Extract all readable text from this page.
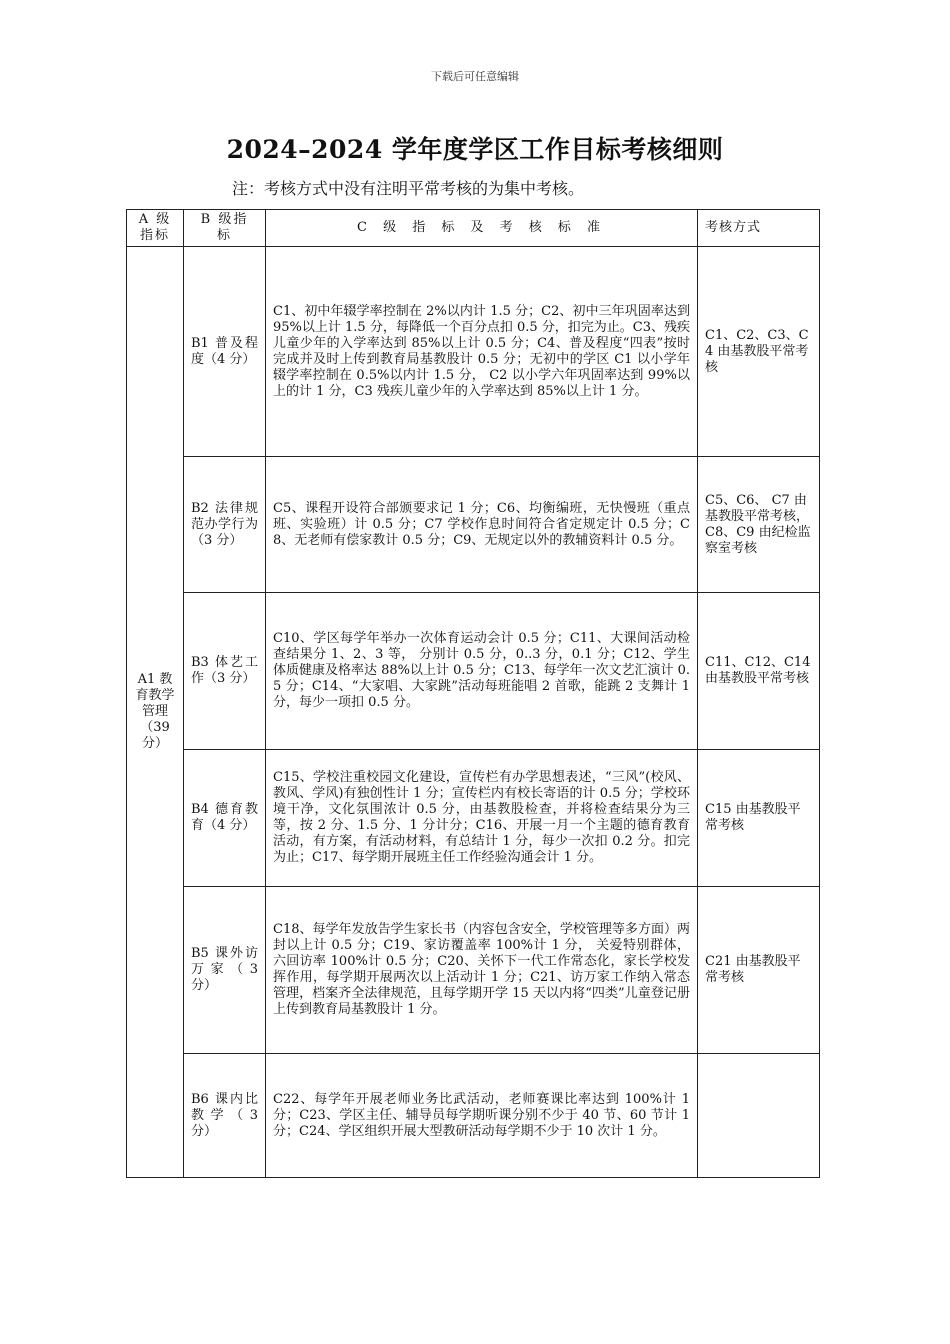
下载后可任意编辑
2024–2024 学年度学区工作目标考核细则
注：考核方式中没有注明平常考核的为集中考核。
A 级指标	B 级指 标	C 级 指 标 及 考 核 标 准	考核方式
A1 教育教学管理（39 分）	B1 普及程度（4 分）	C1、初中年辍学率控制在 2%以内计 1.5 分；C2、初中三年巩固率达到 95%以上计 1.5 分，每降低一个百分点扣 0.5 分，扣完为止。C3、残疾儿童少年的入学率达到 85%以上计 0.5 分；C4、普及程度“四表”按时完成并及时上传到教育局基教股计 0.5 分；无初中的学区 C1 以小学年辍学率控制在 0.5%以内计 1.5 分， C2 以小学六年巩固率达到 99%以上的计 1 分，C3 残疾儿童少年的入学率达到 85%以上计 1 分。	C1、C2、C3、C4 由基教股平常考核
	B2 法律规范办学行为（3 分）	C5、课程开设符合部颁要求记 1 分；C6、均衡编班，无快慢班（重点班、实验班）计 0.5 分；C7 学校作息时间符合省定规定计 0.5 分；C8、无老师有偿家教计 0.5 分；C9、无规定以外的教辅资料计 0.5 分。	C5、C6、 C7 由基教股平常考核，C8、C9 由纪检监察室考核
	B3 体艺工作（3 分）	C10、学区每学年举办一次体育运动会计 0.5 分；C11、大课间活动检查结果分 1、2、3 等， 分别计 0.5 分，0..3 分，0.1 分；C12、学生体质健康及格率达 88%以上计 0.5 分；C13、每学年一次文艺汇演计 0.5 分；C14、“大家唱、大家跳”活动每班能唱 2 首歌，能跳 2 支舞计 1 分，每少一项扣 0.5 分。	C11、C12、C14 由基教股平常考核
	B4 德育教育（4 分）	C15、学校注重校园文化建设，宣传栏有办学思想表述，“三风”(校风、教风、学风)有独创性计 1 分；宣传栏内有校长寄语的计 0.5 分；学校环境干净，文化氛围浓计 0.5 分，由基教股检查，并将检查结果分为三等，按 2 分、1.5 分、1 分计分；C16、开展一月一个主题的德育教育活动，有方案，有活动材料，有总结计 1 分，每少一次扣 0.2 分。扣完为止；C17、每学期开展班主任工作经验沟通会计 1 分。	C15 由基教股平常考核
	B5 课外访万家（3 分）	C18、每学年发放告学生家长书（内容包含安全，学校管理等多方面）两封以上计 0.5 分；C19、家访覆盖率 100%计 1 分， 关爱特别群体， 六回访率 100%计 0.5 分；C20、关怀下一代工作常态化，家长学校发挥作用，每学期开展两次以上活动计 1 分；C21、访万家工作纳入常态管理，档案齐全法律规范，且每学期开学 15 天以内将“四类”儿童登记册上传到教育局基教股计 1 分。	C21 由基教股平常考核
	B6 课内比教学（3 分）	C22、每学年开展老师业务比武活动，老师赛课比率达到 100%计 1 分；C23、学区主任、辅导员每学期听课分别不少于 40 节、60 节计 1 分；C24、学区组织开展大型教研活动每学期不少于 10 次计 1 分。	
